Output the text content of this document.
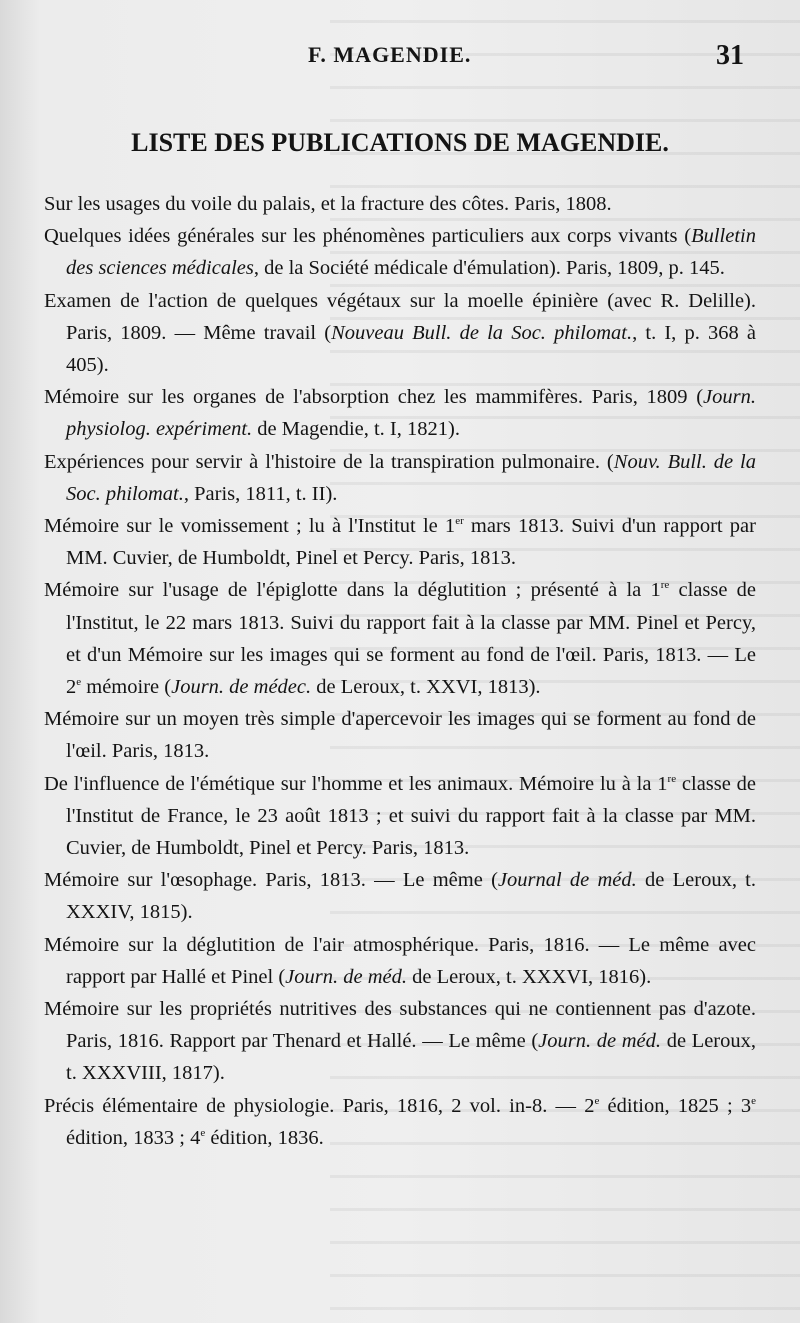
F. MAGENDIE.	31
LISTE DES PUBLICATIONS DE MAGENDIE.
Sur les usages du voile du palais, et la fracture des côtes. Paris, 1808.
Quelques idées générales sur les phénomènes particuliers aux corps vivants (Bulletin des sciences médicales, de la Société médicale d'émulation). Paris, 1809, p. 145.
Examen de l'action de quelques végétaux sur la moelle épinière (avec R. Delille). Paris, 1809. — Même travail (Nouveau Bull. de la Soc. philomat., t. I, p. 368 à 405).
Mémoire sur les organes de l'absorption chez les mammifères. Paris, 1809 (Journ. physiolog. expériment. de Magendie, t. I, 1821).
Expériences pour servir à l'histoire de la transpiration pulmonaire. (Nouv. Bull. de la Soc. philomat., Paris, 1811, t. II).
Mémoire sur le vomissement ; lu à l'Institut le 1er mars 1813. Suivi d'un rapport par MM. Cuvier, de Humboldt, Pinel et Percy. Paris, 1813.
Mémoire sur l'usage de l'épiglotte dans la déglutition ; présenté à la 1re classe de l'Institut, le 22 mars 1813. Suivi du rapport fait à la classe par MM. Pinel et Percy, et d'un Mémoire sur les images qui se forment au fond de l'œil. Paris, 1813. — Le 2e mémoire (Journ. de médec. de Leroux, t. XXVI, 1813).
Mémoire sur un moyen très simple d'apercevoir les images qui se forment au fond de l'œil. Paris, 1813.
De l'influence de l'émétique sur l'homme et les animaux. Mémoire lu à la 1re classe de l'Institut de France, le 23 août 1813 ; et suivi du rapport fait à la classe par MM. Cuvier, de Humboldt, Pinel et Percy. Paris, 1813.
Mémoire sur l'œsophage. Paris, 1813. — Le même (Journal de méd. de Leroux, t. XXXIV, 1815).
Mémoire sur la déglutition de l'air atmosphérique. Paris, 1816. — Le même avec rapport par Hallé et Pinel (Journ. de méd. de Leroux, t. XXXVI, 1816).
Mémoire sur les propriétés nutritives des substances qui ne contiennent pas d'azote. Paris, 1816. Rapport par Thenard et Hallé. — Le même (Journ. de méd. de Leroux, t. XXXVIII, 1817).
Précis élémentaire de physiologie. Paris, 1816, 2 vol. in-8. — 2e édition, 1825 ; 3e édition, 1833 ; 4e édition, 1836.
